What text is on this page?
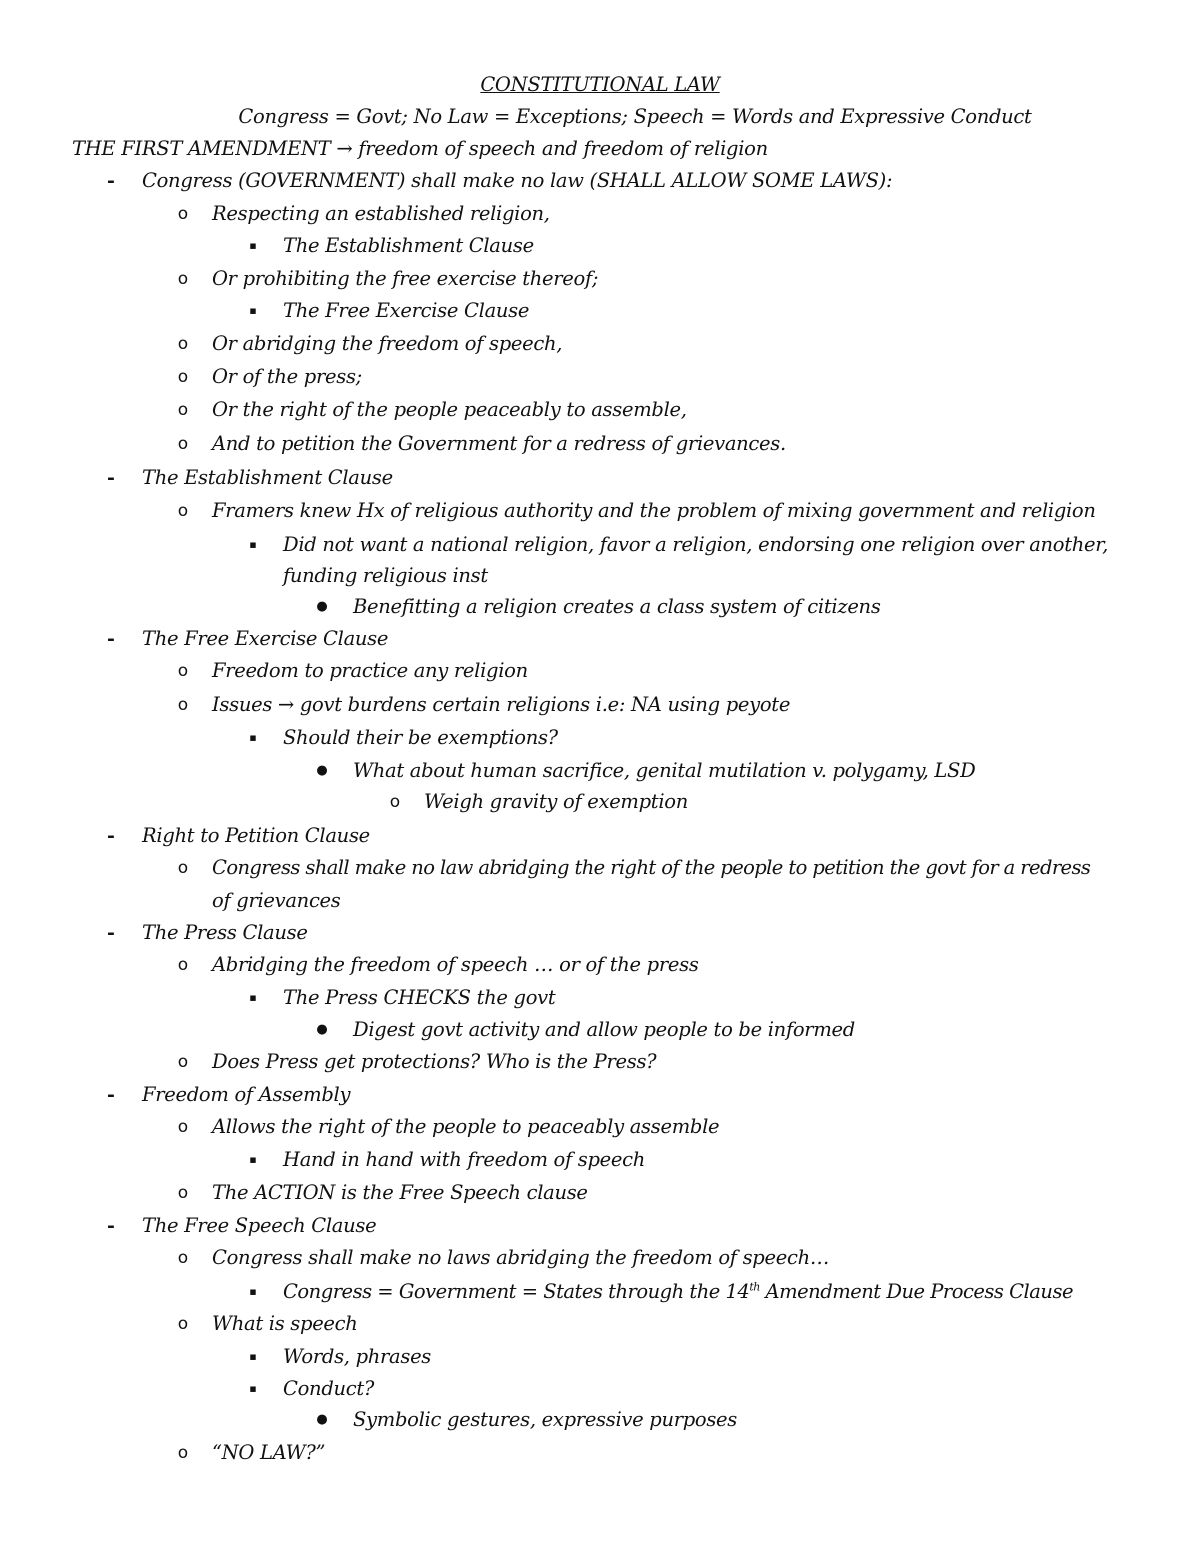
CONSTITUTIONAL LAW
Congress = Govt; No Law = Exceptions; Speech = Words and Expressive Conduct
THE FIRST AMENDMENT → freedom of speech and freedom of religion
-	Congress (GOVERNMENT) shall make no law (SHALL ALLOW SOME LAWS):
o Respecting an established religion,
▪	The Establishment Clause
o Or prohibiting the free exercise thereof;
▪	The Free Exercise Clause
o Or abridging the freedom of speech,
o Or of the press;
o Or the right of the people peaceably to assemble,
o And to petition the Government for a redress of grievances.
-	The Establishment Clause
o Framers knew Hx of religious authority and the problem of mixing government and religion
▪	Did not want a national religion, favor a religion, endorsing one religion over another,
funding religious inst
● Benefitting a religion creates a class system of citizens
-	The Free Exercise Clause
o Freedom to practice any religion
o Issues → govt burdens certain religions i.e: NA using peyote
▪	Should their be exemptions?
● What about human sacrifice, genital mutilation v. polygamy, LSD
o Weigh gravity of exemption
-	Right to Petition Clause
o Congress shall make no law abridging the right of the people to petition the govt for a redress
of grievances
-	The Press Clause
o Abridging the freedom of speech … or of the press
▪	The Press CHECKS the govt
● Digest govt activity and allow people to be informed
o Does Press get protections? Who is the Press?
-	Freedom of Assembly
o Allows the right of the people to peaceably assemble
▪	Hand in hand with freedom of speech
o The ACTION is the Free Speech clause
-	The Free Speech Clause
o Congress shall make no laws abridging the freedom of speech…
▪	Congress = Government = States through the 14th Amendment Due Process Clause
o What is speech
▪	Words, phrases
▪	Conduct?
● Symbolic gestures, expressive purposes
o “NO LAW?”
